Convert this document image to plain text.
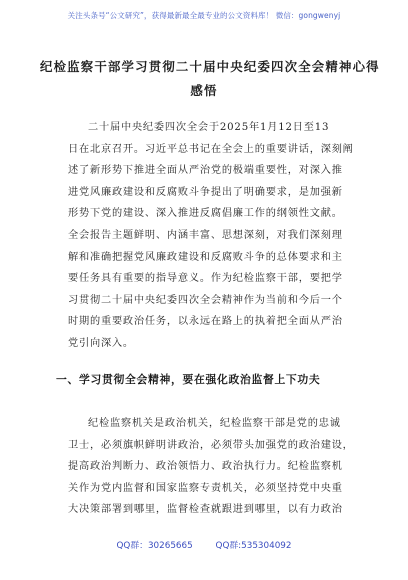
关注头条号“公文研究”，获得最新最全最专业的公文资料库！ 微信：gongwenyj
纪检监察干部学习贯彻二十届中央纪委四次全会精神心得
感悟
二十届中央纪委四次全会于2025年1月12日至13
日在北京召开。习近平总书记在全会上的重要讲话，深刻阐
述了新形势下推进全面从严治党的极端重要性，对深入推
进党风廉政建设和反腐败斗争提出了明确要求，是加强新
形势下党的建设、深入推进反腐倡廉工作的纲领性文献。
全会报告主题鲜明、内涵丰富、思想深刻，对我们深刻理
解和准确把握党风廉政建设和反腐败斗争的总体要求和主
要任务具有重要的指导意义。作为纪检监察干部，要把学
习贯彻二十届中央纪委四次全会精神作为当前和今后一个
时期的重要政治任务，以永远在路上的执着把全面从严治
党引向深入。
一、学习贯彻全会精神，要在强化政治监督上下功夫
纪检监察机关是政治机关，纪检监察干部是党的忠诚
卫士，必须旗帜鲜明讲政治，必须带头加强党的政治建设，
提高政治判断力、政治领悟力、政治执行力。纪检监察机
关作为党内监督和国家监察专责机关，必须坚持党中央重
大决策部署到哪里，监督检查就跟进到哪里，以有力政治
QQ群：30265665	QQ群:535304092
